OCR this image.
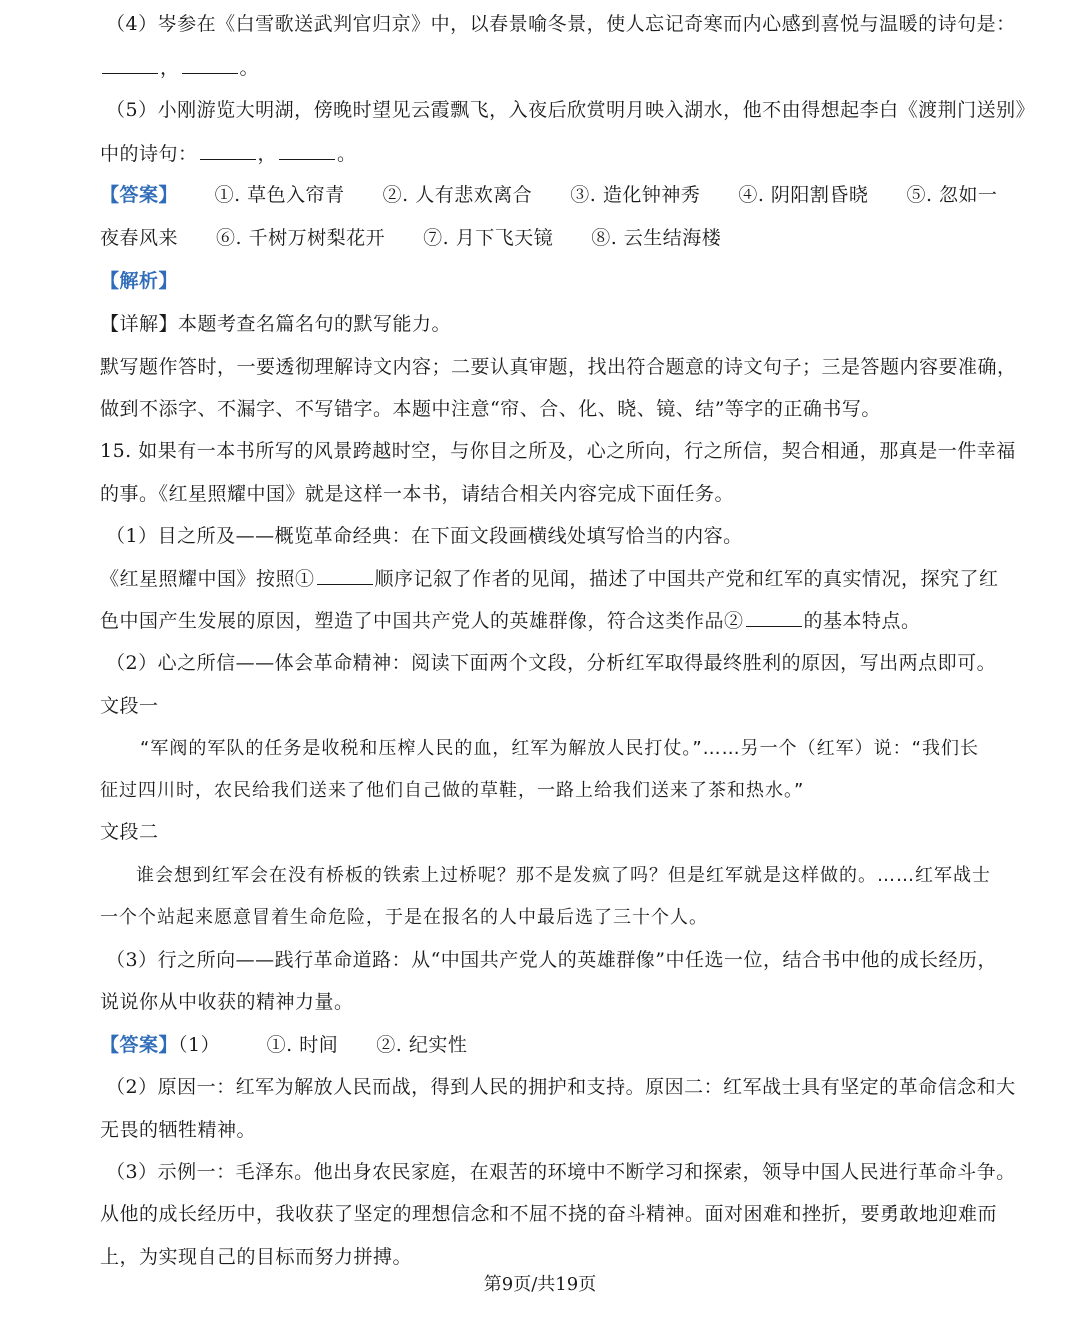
（4）岑参在《白雪歌送武判官归京》中，以春景喻冬景，使人忘记奇寒而内心感到喜悦与温暖的诗句是：
，	。
（5）小刚游览大明湖，傍晚时望见云霞飘飞，入夜后欣赏明月映入湖水，他不由得想起李白《渡荆门送别》
中的诗句：	，	。
【答案】 ①. 草色入帘青 ②. 人有悲欢离合 ③. 造化钟神秀 ④. 阴阳割昏晓 ⑤. 忽如一
夜春风来 ⑥. 千树万树梨花开 ⑦. 月下飞天镜 ⑧. 云生结海楼
【解析】
【详解】本题考查名篇名句的默写能力。
默写题作答时，一要透彻理解诗文内容；二要认真审题，找出符合题意的诗文句子；三是答题内容要准确，
做到不添字、不漏字、不写错字。本题中注意“帘、合、化、晓、镜、结”等字的正确书写。
15. 如果有一本书所写的风景跨越时空，与你目之所及，心之所向，行之所信，契合相通，那真是一件幸福
的事。《红星照耀中国》就是这样一本书，请结合相关内容完成下面任务。
（1）目之所及——概览革命经典：在下面文段画横线处填写恰当的内容。
《红星照耀中国》按照①	顺序记叙了作者的见闻，描述了中国共产党和红军的真实情况，探究了红
色中国产生发展的原因，塑造了中国共产党人的英雄群像，符合这类作品②	的基本特点。
（2）心之所信——体会革命精神：阅读下面两个文段，分析红军取得最终胜利的原因，写出两点即可。
文段一
“军阀的军队的任务是收税和压榨人民的血，红军为解放人民打仗。”……另一个（红军）说：“我们长
征过四川时，农民给我们送来了他们自己做的草鞋，一路上给我们送来了茶和热水。”
文段二
谁会想到红军会在没有桥板的铁索上过桥呢？那不是发疯了吗？但是红军就是这样做的。……红军战士
一个个站起来愿意冒着生命危险，于是在报名的人中最后选了三十个人。
（3）行之所向——践行革命道路：从“中国共产党人的英雄群像”中任选一位，结合书中他的成长经历，
说说你从中收获的精神力量。
【答案】（1） ①. 时间 ②. 纪实性
（2）原因一：红军为解放人民而战，得到人民的拥护和支持。原因二：红军战士具有坚定的革命信念和大
无畏的牺牲精神。
（3）示例一：毛泽东。他出身农民家庭，在艰苦的环境中不断学习和探索，领导中国人民进行革命斗争。
从他的成长经历中，我收获了坚定的理想信念和不屈不挠的奋斗精神。面对困难和挫折，要勇敢地迎难而
上，为实现自己的目标而努力拼搏。
第9页/共19页
